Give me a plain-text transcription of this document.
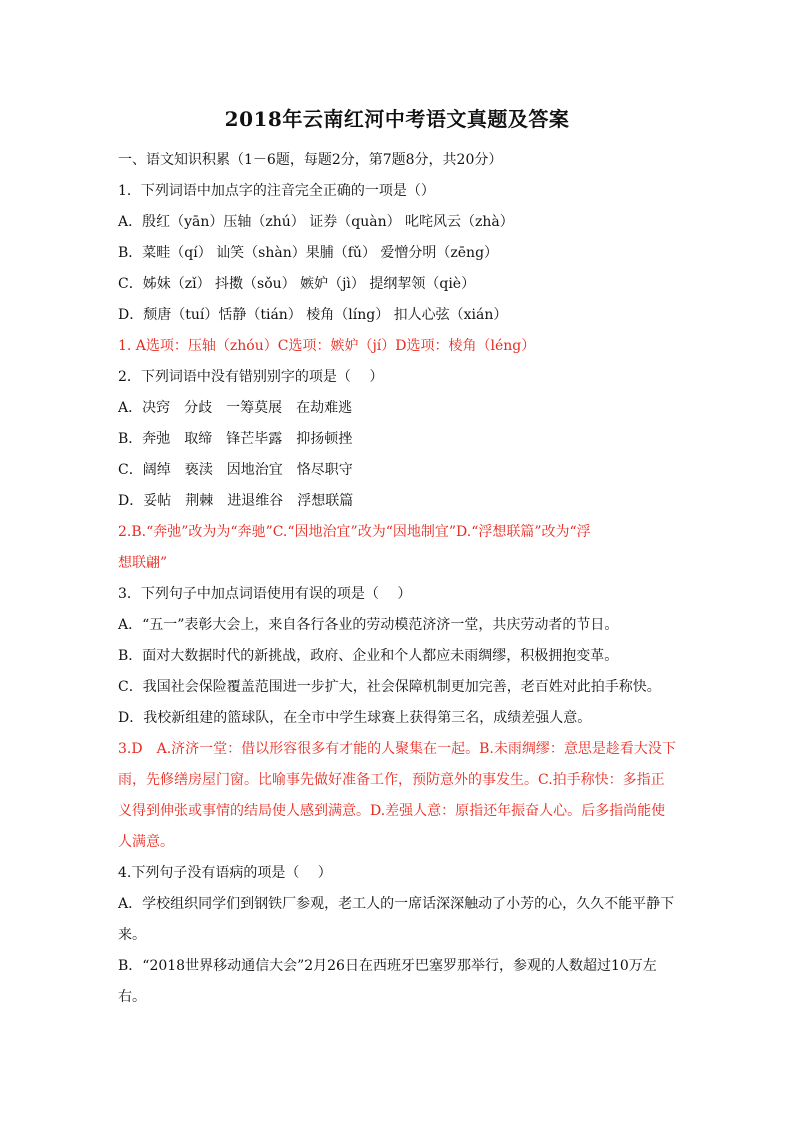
2018年云南红河中考语文真题及答案
一、语文知识积累（1－6题，每题2分，第7题8分，共20分）
1．下列词语中加点字的注音完全正确的一项是（）
A．殷红（yān）压轴（zhú） 证券（quàn） 叱咤风云（zhà）
B．菜畦（qí） 讪笑（shàn）果脯（fǔ） 爱憎分明（zēng）
C．姊妹（zǐ） 抖擞（sǒu） 嫉妒（jì） 提纲挈领（qiè）
D．颓唐（tuí）恬静（tián） 棱角（líng） 扣人心弦（xián）
1. A选项：压轴（zhóu）C选项：嫉妒（jí）D选项：棱角（léng）
2．下列词语中没有错别别字的项是（　 ）
A．决窍　分歧　一筹莫展　在劫难逃
B．奔弛　取缔　锋芒毕露　抑扬顿挫
C．阔绰　亵渎　因地治宜　恪尽职守
D．妥帖　荆棘　进退维谷　浮想联篇
2.B.“奔弛”改为为“奔驰”C.“因地治宜”改为“因地制宜”D.“浮想联篇”改为“浮
想联翩”
3．下列句子中加点词语使用有误的项是（　 ）
A．“五一”表彰大会上，来自各行各业的劳动模范济济一堂，共庆劳动者的节日。
B．面对大数据时代的新挑战，政府、企业和个人都应未雨绸缪，积极拥抱变革。
C．我国社会保险覆盖范围进一步扩大，社会保障机制更加完善，老百姓对此拍手称快。
D．我校新组建的篮球队，在全市中学生球赛上获得第三名，成绩差强人意。
3.D　A.济济一堂：借以形容很多有才能的人聚集在一起。B.未雨绸缪：意思是趁看大没下
雨，先修缮房屋门窗。比喻事先做好准备工作，预防意外的事发生。C.拍手称快：多指正
义得到伸张或事情的结局使人感到满意。D.差强人意：原指还年振奋人心。后多指尚能使
人满意。
4.下列句子没有语病的项是（　 ）
A．学校组织同学们到钢铁厂参观，老工人的一席话深深触动了小芳的心，久久不能平静下
来。
B．“2018世界移动通信大会”2月26日在西班牙巴塞罗那举行，参观的人数超过10万左
右。
